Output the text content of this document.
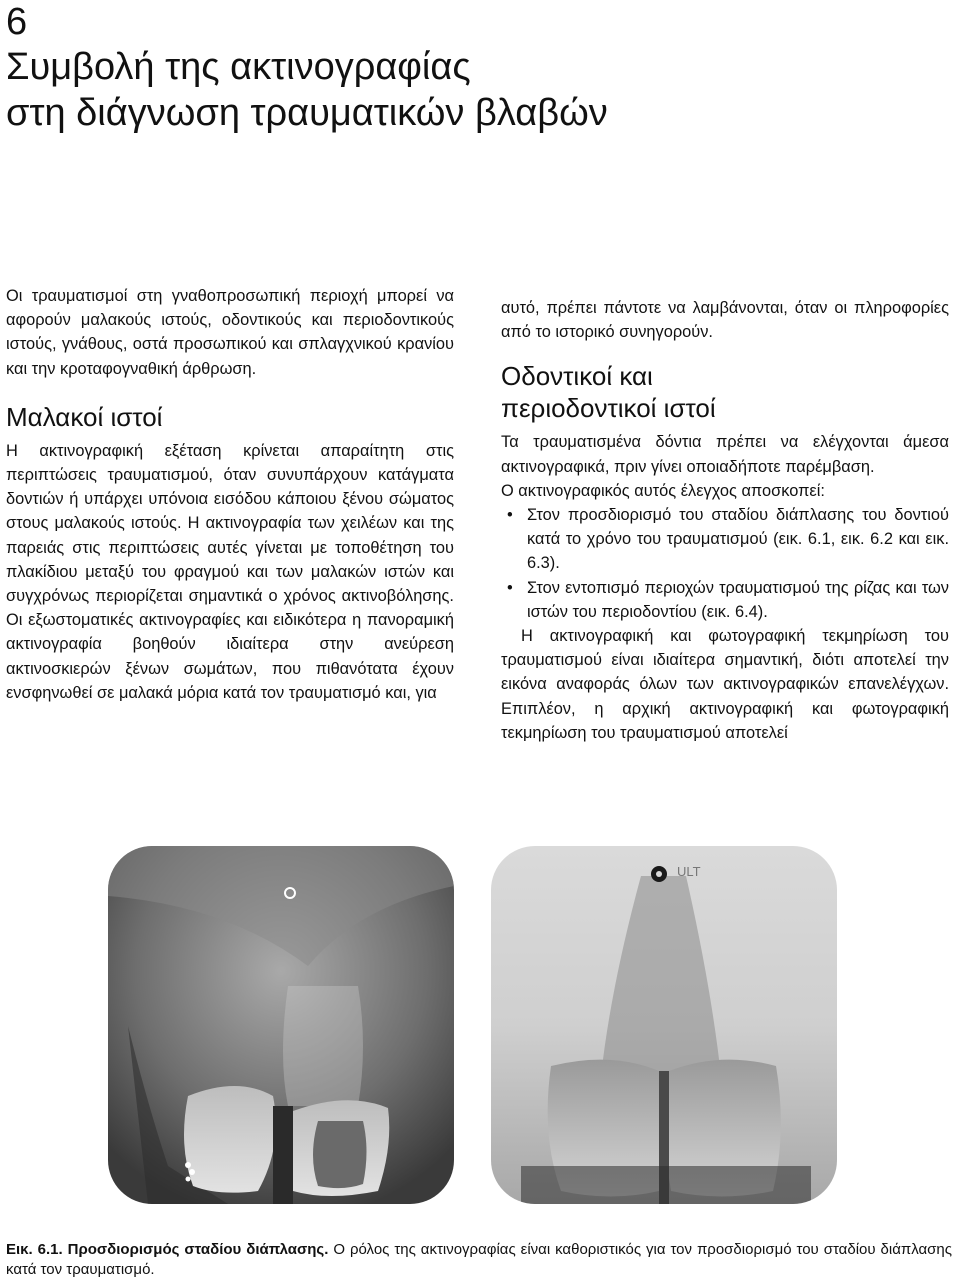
6
Συμβολή της ακτινογραφίας
στη διάγνωση τραυματικών βλαβών

Οι τραυματισμοί στη γναθοπροσωπική περιοχή μπορεί να αφορούν μαλακούς ιστούς, οδοντικούς και περιοδοντικούς ιστούς, γνάθους, οστά προσωπικού και σπλαγχνικού κρανίου και την κροταφογναθική άρθρωση.

Μαλακοί ιστοί

Η ακτινογραφική εξέταση κρίνεται απαραίτητη στις περιπτώσεις τραυματισμού, όταν συνυπάρχουν κατάγματα δοντιών ή υπάρχει υπόνοια εισόδου κάποιου ξένου σώματος στους μαλακούς ιστούς. Η ακτινογραφία των χειλέων και της παρειάς στις περιπτώσεις αυτές γίνεται με τοποθέτηση του πλακίδιου μεταξύ του φραγμού και των μαλακών ιστών και συγχρόνως περιορίζεται σημαντικά ο χρόνος ακτινοβόλησης. Οι εξωστοματικές ακτινογραφίες και ειδικότερα η πανοραμική ακτινογραφία βοηθούν ιδιαίτερα στην ανεύρεση ακτινοσκιερών ξένων σωμάτων, που πιθανότατα έχουν ενσφηνωθεί σε μαλακά μόρια κατά τον τραυματισμό και, για

αυτό, πρέπει πάντοτε να λαμβάνονται, όταν οι πληροφορίες από το ιστορικό συνηγορούν.

Οδοντικοί και
περιοδοντικοί ιστοί

Τα τραυματισμένα δόντια πρέπει να ελέγχονται άμεσα ακτινογραφικά, πριν γίνει οποιαδήποτε παρέμβαση.

Ο ακτινογραφικός αυτός έλεγχος αποσκοπεί:

• Στον προσδιορισμό του σταδίου διάπλασης του δοντιού κατά το χρόνο του τραυματισμού (εικ. 6.1, εικ. 6.2 και εικ. 6.3).
• Στον εντοπισμό περιοχών τραυματισμού της ρίζας και των ιστών του περιοδοντίου (εικ. 6.4).

Η ακτινογραφική και φωτογραφική τεκμηρίωση του τραυματισμού είναι ιδιαίτερα σημαντική, διότι αποτελεί την εικόνα αναφοράς όλων των ακτινογραφικών επανελέγχων. Επιπλέον, η αρχική ακτινογραφική και φωτογραφική τεκμηρίωση του τραυματισμού αποτελεί

ULT
Εικ. 6.1. Προσδιορισμός σταδίου διάπλασης. Ο ρόλος της ακτινογραφίας είναι καθοριστικός για τον προσδιορισμό του σταδίου διάπλασης κατά τον τραυματισμό.
